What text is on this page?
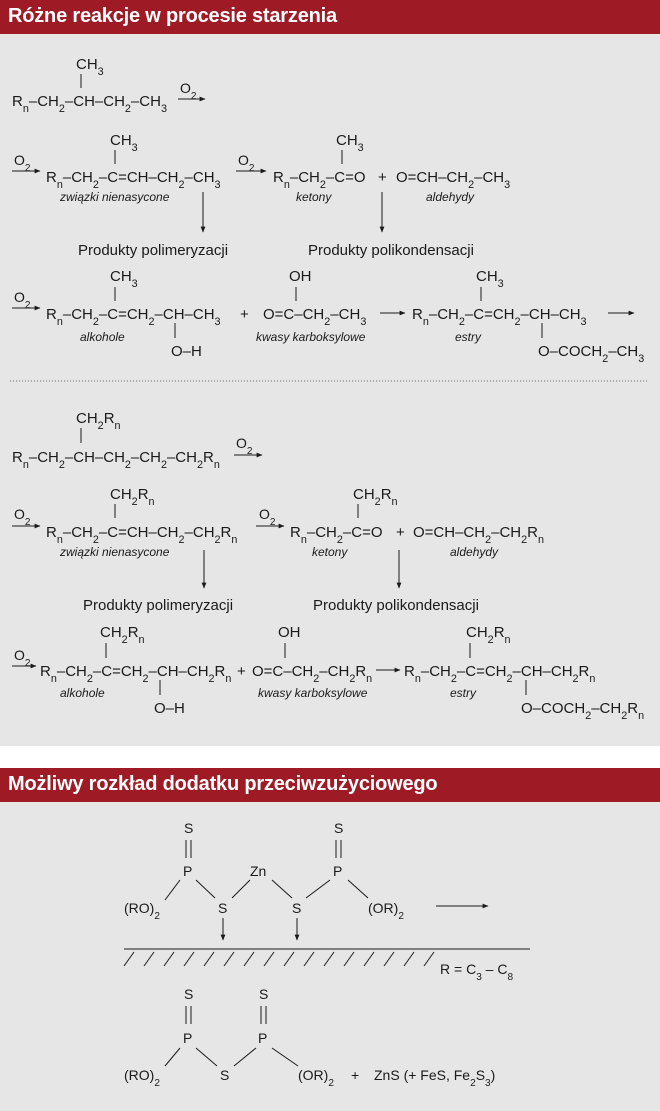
Różne reakcje w procesie starzenia
Możliwy rozkład dodatku przeciwzużyciowego
$CH_3$
$R_n-CH_2-CH-CH_2-CH_3$
$O_2$
$O_2$
$CH_3$
$R_n-CH_2-C=CH-CH_2-CH_3$
związki nienasycone
$O_2$
$CH_3$
$R_n-CH_2-C=O$
ketony
+ $O=CH-CH_2-CH_3$
aldehydy
Produkty polimeryzacji	Produkty polikondensacji
$O_2$
$CH_3$
$R_n-CH_2-C=CH_2-CH-CH_3$
O–H
alkohole
+
OH
$O=C-CH_2-CH_3$
kwasy karboksylowe
$CH_3$
$R_n-CH_2-C=CH_2-CH-CH_3$
$O-COCH_2-CH_3$
estry
$CH_2R_n$
$R_n-CH_2-CH-CH_2-CH_2-CH_2R_n$
$O_2$
$O_2$
$CH_2R_n$
$R_n-CH_2-C=CH-CH_2-CH_2R_n$
związki nienasycone
$O_2$
$CH_2R_n$
$R_n-CH_2-C=O$
ketony
+ $O=CH-CH_2-CH_2R_n$
aldehydy
Produkty polimeryzacji	Produkty polikondensacji
$O_2$
$CH_2R_n$
$R_n-CH_2-C=CH_2-CH-CH_2R_n$
O–H
alkohole
+
OH
$O=C-CH_2-CH_2R_n$
kwasy karboksylowe
$CH_2R_n$
$R_n-CH_2-C=CH_2-CH-CH_2R_n$
$O-COCH_2-CH_2R_n$
estry
S
P
$(RO)_2$	S
Zn
S
S
P
$(OR)_2$
$R = C_3 - C_8$
S
P
$(RO)_2$	S
S
P
$(OR)_2$ + ZnS (+ FeS, $Fe_2S_3$)
